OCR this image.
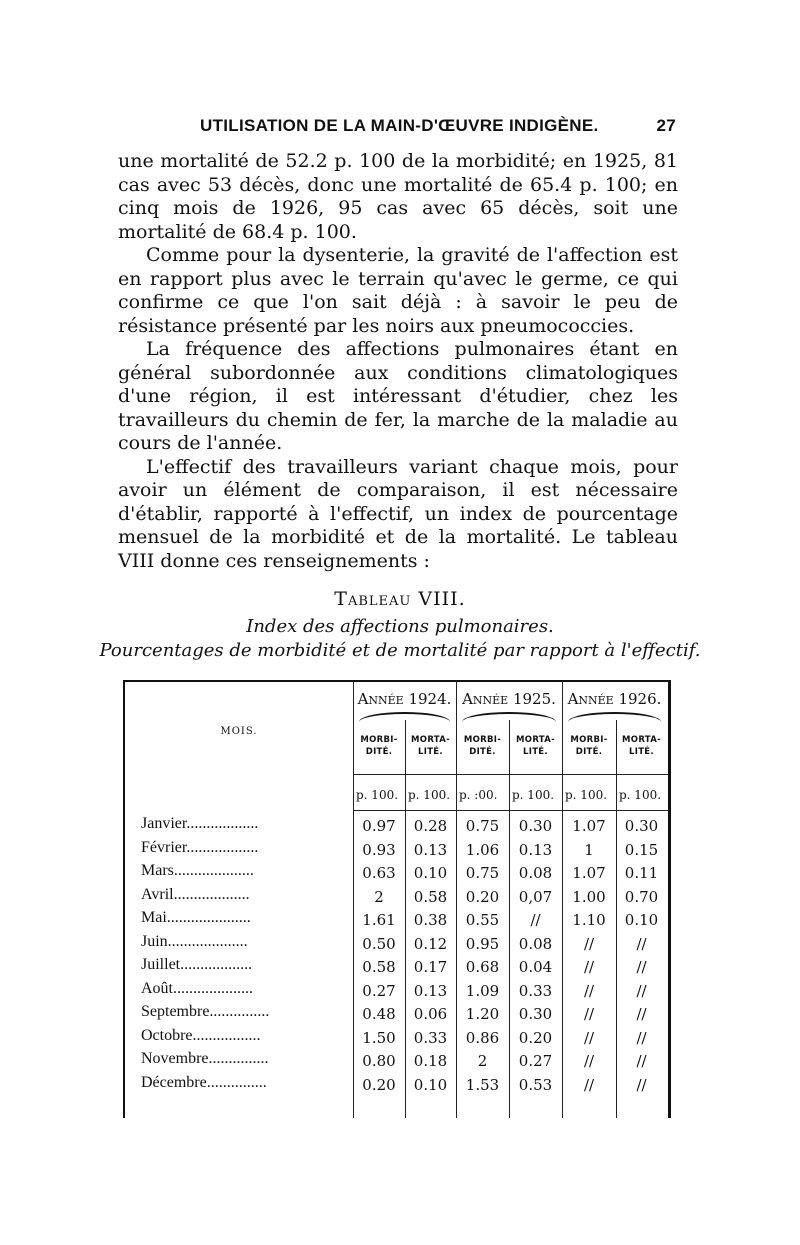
UTILISATION DE LA MAIN-D'ŒUVRE INDIGÈNE.	27

une mortalité de 52.2 p. 100 de la morbidité; en 1925, 81 cas avec 53 décès, donc une mortalité de 65.4 p. 100; en cinq mois de 1926, 95 cas avec 65 décès, soit une mortalité de 68.4 p. 100.

Comme pour la dysenterie, la gravité de l'affection est en rapport plus avec le terrain qu'avec le germe, ce qui confirme ce que l'on sait déjà : à savoir le peu de résistance présenté par les noirs aux pneumococcies.

La fréquence des affections pulmonaires étant en général subordonnée aux conditions climatologiques d'une région, il est intéressant d'étudier, chez les travailleurs du chemin de fer, la marche de la maladie au cours de l'année.

L'effectif des travailleurs variant chaque mois, pour avoir un élément de comparaison, il est nécessaire d'établir, rapporté à l'effectif, un index de pourcentage mensuel de la morbidité et de la mortalité. Le tableau VIII donne ces renseignements :

Tableau VIII.
Index des affections pulmonaires.
Pourcentages de morbidité et de mortalité par rapport à l'effectif.
MOIS.
Année 1924. Année 1925. Année 1926.
MORBI-
DITÉ.
MORTA-
LITÉ.
MORBI-
DITÉ.
MORTA-
LITÉ.
MORBI-
DITÉ.
MORTA-
LITÉ.
p. 100. p. 100. p. :00.	p. 100. p. 100. p. 100.
Janvier..................	0.97	0.28	0.75	0.30	1.07	0.30
Février..................	0.93	0.13	1.06	0.13	1	0.15
Mars....................	0.63	0.10	0.75	0.08	1.07	0.11
Avril...................	2	0.58	0.20	0,07	1.00	0.70
Mai.....................	1.61	0.38	0.55	//	1.10	0.10
Juin....................	0.50	0.12	0.95	0.08	//	//
Juillet..................	0.58	0.17	0.68	0.04	//	//
Août....................	0.27	0.13	1.09	0.33	//	//
Septembre...............	0.48	0.06	1.20	0.30	//	//
Octobre.................	1.50	0.33	0.86	0.20	//	//
Novembre...............	0.80	0.18	2	0.27	//	//
Décembre...............	0.20	0.10	1.53	0.53	//	//
